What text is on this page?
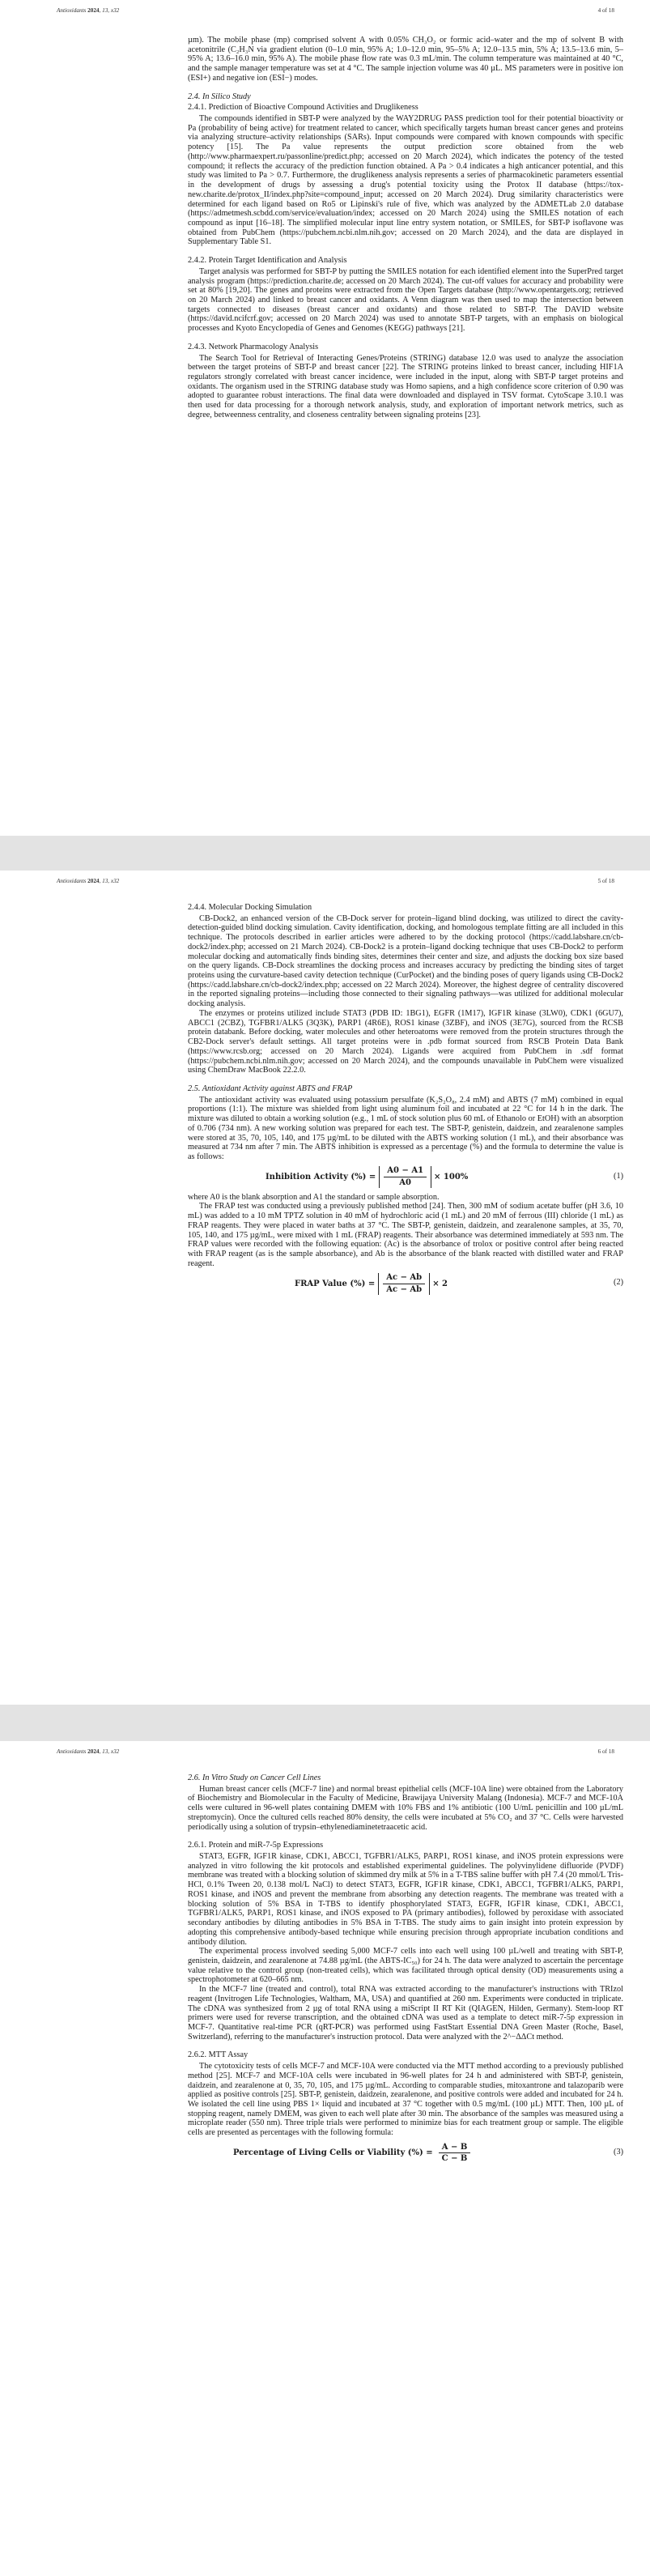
Antioxidants 2024, 13, x32	4 of 18

µm). The mobile phase (mp) comprised solvent A with 0.05% CH₃O₂ or formic acid–water and the mp of solvent B with acetonitrile (C₂H₃N via gradient elution (0–1.0 min, 95% A; 1.0–12.0 min, 95–5% A; 12.0–13.5 min, 5% A; 13.5–13.6 min, 5–95% A; 13.6–16.0 min, 95% A). The mobile phase flow rate was 0.3 mL/min. The column temperature was maintained at 40 °C, and the sample manager temperature was set at 4 °C. The sample injection volume was 40 µL. MS parameters were in positive ion (ESI+) and negative ion (ESI−) modes.

2.4. In Silico Study
2.4.1. Prediction of Bioactive Compound Activities and Druglikeness

The compounds identified in SBT-P were analyzed by the WAY2DRUG PASS prediction tool for their potential bioactivity or Pa (probability of being active) for treatment related to cancer, which specifically targets human breast cancer genes and proteins via analyzing structure–activity relationships (SARs). Input compounds were compared with known compounds with specific potency [15]. The Pa value represents the output prediction score obtained from the web (http://www.pharmaexpert.ru/passonline/predict.php; accessed on 20 March 2024), which indicates the potency of the tested compound; it reflects the accuracy of the prediction function obtained. A Pa > 0.4 indicates a high anticancer potential, and this study was limited to Pa > 0.7. Furthermore, the druglikeness analysis represents a series of pharmacokinetic parameters essential in the development of drugs by assessing a drug's potential toxicity using the Protox II database (https://tox-new.charite.de/protox_II/index.php?site=compound_input; accessed on 20 March 2024). Drug similarity characteristics were determined for each ligand based on Ro5 or Lipinski's rule of five, which was analyzed by the ADMETLab 2.0 database (https://admetmesh.scbdd.com/service/evaluation/index; accessed on 20 March 2024) using the SMILES notation of each compound as input [16–18]. The simplified molecular input line entry system notation, or SMILES, for SBT-P isoflavone was obtained from PubChem (https://pubchem.ncbi.nlm.nih.gov; accessed on 20 March 2024), and the data are displayed in Supplementary Table S1.

2.4.2. Protein Target Identification and Analysis

Target analysis was performed for SBT-P by putting the SMILES notation for each identified element into the SuperPred target analysis program (https://prediction.charite.de; accessed on 20 March 2024). The cut-off values for accuracy and probability were set at 80% [19,20]. The genes and proteins were extracted from the Open Targets database (http://www.opentargets.org; retrieved on 20 March 2024) and linked to breast cancer and oxidants. A Venn diagram was then used to map the intersection between targets connected to diseases (breast cancer and oxidants) and those related to SBT-P. The DAVID website (https://david.ncifcrf.gov; accessed on 20 March 2024) was used to annotate SBT-P targets, with an emphasis on biological processes and Kyoto Encyclopedia of Genes and Genomes (KEGG) pathways [21].

2.4.3. Network Pharmacology Analysis

The Search Tool for Retrieval of Interacting Genes/Proteins (STRING) database 12.0 was used to analyze the association between the target proteins of SBT-P and breast cancer [22]. The STRING proteins linked to breast cancer, including HIF1A regulators strongly correlated with breast cancer incidence, were included in the input, along with SBT-P target proteins and oxidants. The organism used in the STRING database study was Homo sapiens, and a high confidence score criterion of 0.90 was adopted to guarantee robust interactions. The final data were downloaded and displayed in TSV format. CytoScape 3.10.1 was then used for data processing for a thorough network analysis, study, and exploration of important network metrics, such as degree, betweenness centrality, and closeness centrality between signaling proteins [23].

Antioxidants 2024, 13, x32	5 of 18
2.4.4. Molecular Docking Simulation

CB-Dock2, an enhanced version of the CB-Dock server for protein–ligand blind docking, was utilized to direct the cavity-detection-guided blind docking simulation. Cavity identification, docking, and homologous template fitting are all included in this technique. The protocols described in earlier articles were adhered to by the docking protocol (https://cadd.labshare.cn/cb-dock2/index.php; accessed on 21 March 2024). CB-Dock2 is a protein–ligand docking technique that uses CB-Dock2 to perform molecular docking and automatically finds binding sites, determines their center and size, and adjusts the docking box size based on the query ligands. CB-Dock streamlines the docking process and increases accuracy by predicting the binding sites of target proteins using the curvature-based cavity detection technique (CurPocket) and the binding poses of query ligands using CB-Dock2 (https://cadd.labshare.cn/cb-dock2/index.php; accessed on 22 March 2024). Moreover, the highest degree of centrality discovered in the reported signaling proteins—including those connected to their signaling pathways—was utilized for additional molecular docking analysis.

The enzymes or proteins utilized include STAT3 (PDB ID: 1BG1), EGFR (1M17), IGF1R kinase (3LW0), CDK1 (6GU7), ABCC1 (2CBZ), TGFBR1/ALK5 (3Q3K), PARP1 (4R6E), ROS1 kinase (3ZBF), and iNOS (3E7G), sourced from the RCSB protein databank. Before docking, water molecules and other heteroatoms were removed from the protein structures through the CB2-Dock server's default settings. All target proteins were in .pdb format sourced from RSCB Protein Data Bank (https://www.rcsb.org; accessed on 20 March 2024). Ligands were acquired from PubChem in .sdf format (https://pubchem.ncbi.nlm.nih.gov; accessed on 20 March 2024), and the compounds unavailable in PubChem were visualized using ChemDraw MacBook 22.2.0.

2.5. Antioxidant Activity against ABTS and FRAP

The antioxidant activity was evaluated using potassium persulfate (K₂S₂O₈, 2.4 mM) and ABTS (7 mM) combined in equal proportions (1:1). The mixture was shielded from light using aluminum foil and incubated at 22 °C for 14 h in the dark. The mixture was diluted to obtain a working solution (e.g., 1 mL of stock solution plus 60 mL of Ethanolo or EtOH) with an absorption of 0.706 (734 nm). A new working solution was prepared for each test. The SBT-P, genistein, daidzein, and zearalenone samples were stored at 35, 70, 105, 140, and 175 µg/mL to be diluted with the ABTS working solution (1 mL), and their absorbance was measured at 734 nm after 7 min. The ABTS inhibition is expressed as a percentage (%) and the formula to determine the value is as follows:

Inhibition Activity (%) = $\frac{A0 - A1}{A0} \times 100\%$	(1)

where A0 is the blank absorption and A1 the standard or sample absorption.

The FRAP test was conducted using a previously published method [24]. Then, 300 mM of sodium acetate buffer (pH 3.6, 10 mL) was added to a 10 mM TPTZ solution in 40 mM of hydrochloric acid (1 mL) and 20 mM of ferrous (III) chloride (1 mL) as FRAP reagents. They were placed in water baths at 37 °C. The SBT-P, genistein, daidzein, and zearalenone samples, at 35, 70, 105, 140, and 175 µg/mL, were mixed with 1 mL (FRAP) reagents. Their absorbance was determined immediately at 593 nm. The FRAP values were recorded with the following equation: (Ac) is the absorbance of trolox or positive control after being reacted with FRAP reagent (as is the sample absorbance), and Ab is the absorbance of the blank reacted with distilled water and FRAP reagent.

FRAP Value (%) = $\frac{Ac - Ab}{Ac - Ab} \times 2$	(2)
Antioxidants 2024, 13, x32	6 of 18
2.6. In Vitro Study on Cancer Cell Lines

Human breast cancer cells (MCF-7 line) and normal breast epithelial cells (MCF-10A line) were obtained from the Laboratory of Biochemistry and Biomolecular in the Faculty of Medicine, Brawijaya University Malang (Indonesia). MCF-7 and MCF-10A cells were cultured in 96-well plates containing DMEM with 10% FBS and 1% antibiotic (100 U/mL penicillin and 100 µL/mL streptomycin). Once the cultured cells reached 80% density, the cells were incubated at 5% CO₂ and 37 °C. Cells were harvested periodically using a solution of trypsin–ethylenediaminetetraacetic acid.

2.6.1. Protein and miR-7-5p Expressions

STAT3, EGFR, IGF1R kinase, CDK1, ABCC1, TGFBR1/ALK5, PARP1, ROS1 kinase, and iNOS protein expressions were analyzed in vitro following the kit protocols and established experimental guidelines. The polyvinylidene difluoride (PVDF) membrane was treated with a blocking solution of skimmed dry milk at 5% in a T-TBS saline buffer with pH 7.4 (20 mmol/L Tris-HCl, 0.1% Tween 20, 0.138 mol/L NaCl) to detect STAT3, EGFR, IGF1R kinase, CDK1, ABCC1, TGFBR1/ALK5, PARP1, ROS1 kinase, and iNOS and prevent the membrane from absorbing any detection reagents. The membrane was treated with a blocking solution of 5% BSA in T-TBS to identify phosphorylated STAT3, EGFR, IGF1R kinase, CDK1, ABCC1, TGFBR1/ALK5, PARP1, ROS1 kinase, and iNOS exposed to PA (primary antibodies), followed by peroxidase with associated secondary antibodies by diluting antibodies in 5% BSA in T-TBS. The study aims to gain insight into protein expression by adopting this comprehensive antibody-based technique while ensuring precision through appropriate incubation conditions and antibody dilution.

The experimental process involved seeding 5,000 MCF-7 cells into each well using 100 µL/well and treating with SBT-P, genistein, daidzein, and zearalenone at 74.88 µg/mL (the ABTS-IC₅₀) for 24 h. The data were analyzed to ascertain the percentage value relative to the control group (non-treated cells), which was facilitated through optical density (OD) measurements using a spectrophotometer at 620–665 nm.

In the MCF-7 line (treated and control), total RNA was extracted according to the manufacturer's instructions with TRIzol reagent (Invitrogen Life Technologies, Waltham, MA, USA) and quantified at 260 nm. Experiments were conducted in triplicate. The cDNA was synthesized from 2 µg of total RNA using a miScript II RT Kit (QIAGEN, Hilden, Germany). Stem-loop RT primers were used for reverse transcription, and the obtained cDNA was used as a template to detect miR-7-5p expression in MCF-7. Quantitative real-time PCR (qRT-PCR) was performed using FastStart Essential DNA Green Master (Roche, Basel, Switzerland), referring to the manufacturer's instruction protocol. Data were analyzed with the 2^−ΔΔCt method.

2.6.2. MTT Assay

The cytotoxicity tests of cells MCF-7 and MCF-10A were conducted via the MTT method according to a previously published method [25]. MCF-7 and MCF-10A cells were incubated in 96-well plates for 24 h and administered with SBT-P, genistein, daidzein, and zearalenone at 0, 35, 70, 105, and 175 µg/mL. According to comparable studies, mitoxantrone and talazoparib were applied as positive controls [25]. SBT-P, genistein, daidzein, zearalenone, and positive controls were added and incubated for 24 h. We isolated the cell line using PBS 1× liquid and incubated at 37 °C together with 0.5 mg/mL (100 µL) MTT. Then, 100 µL of stopping reagent, namely DMEM, was given to each well plate after 30 min. The absorbance of the samples was measured using a microplate reader (550 nm). Three triple trials were performed to minimize bias for each treatment group or sample. The eligible cells are presented as percentages with the following formula:

Percentage of Living Cells or Viability (%) = $\frac{A - B}{C - B}$	(3)
